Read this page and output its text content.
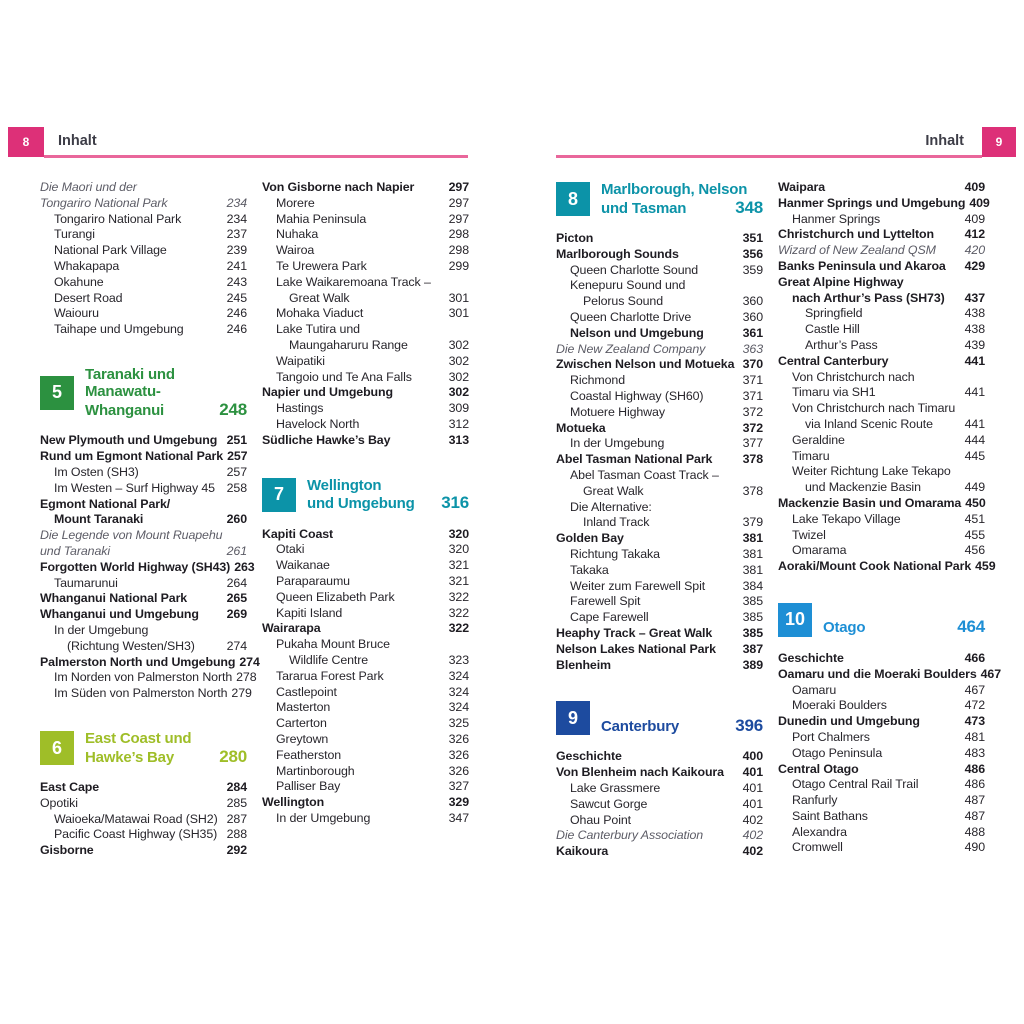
8	Inhalt	Inhalt	9
Die Maori und der
Tongariro National Park	234
Tongariro National Park	234
Turangi	237
National Park Village	239
Whakapapa	241
Okahune	243
Desert Road	245
Waiouru	246
Taihape und Umgebung	246
5
Taranaki und
Manawatu-
Whanganui	248
New Plymouth und Umgebung 251
Rund um Egmont National Park 257
Im Osten (SH3)	257
Im Westen – Surf Highway 45 258
Egmont National Park/
Mount Taranaki	260
Die Legende von Mount Ruapehu
und Taranaki	261
Forgotten World Highway (SH43) 263
Taumarunui	264
Whanganui National Park	265
Whanganui und Umgebung	269
In der Umgebung
(Richtung Westen/SH3)	274
Palmerston North und Umgebung 274
Im Norden von Palmerston North 278
Im Süden von Palmerston North 279
6	East Coast und
Hawke’s Bay	280
East Cape	284
Opotiki	285
Waioeka/Matawai Road (SH2) 287
Pacific Coast Highway (SH35) 288
Gisborne	292
Von Gisborne nach Napier	297
Morere	297
Mahia Peninsula	297
Nuhaka	298
Wairoa	298
Te Urewera Park	299
Lake Waikaremoana Track –
Great Walk	301
Mohaka Viaduct	301
Lake Tutira und
Maungaharuru Range	302
Waipatiki	302
Tangoio und Te Ana Falls	302
Napier und Umgebung	302
Hastings	309
Havelock North	312
Südliche Hawke’s Bay	313
7	Wellington
und Umgebung 316
Kapiti Coast	320
Otaki	320
Waikanae	321
Paraparaumu	321
Queen Elizabeth Park	322
Kapiti Island	322
Wairarapa	322
Pukaha Mount Bruce
Wildlife Centre	323
Tararua Forest Park	324
Castlepoint	324
Masterton	324
Carterton	325
Greytown	326
Featherston	326
Martinborough	326
Palliser Bay	327
Wellington	329
In der Umgebung	347
8	Marlborough, Nelson
und Tasman	348
Picton	351
Marlborough Sounds	356
Queen Charlotte Sound	359
Kenepuru Sound und
Pelorus Sound	360
Queen Charlotte Drive	360
Nelson und Umgebung	361
Die New Zealand Company	363
Zwischen Nelson und Motueka 370
Richmond	371
Coastal Highway (SH60)	371
Motuere Highway	372
Motueka	372
In der Umgebung	377
Abel Tasman National Park	378
Abel Tasman Coast Track –
Great Walk	378
Die Alternative:
Inland Track	379
Golden Bay	381
Richtung Takaka	381
Takaka	381
Weiter zum Farewell Spit	384
Farewell Spit	385
Cape Farewell	385
Heaphy Track – Great Walk	385
Nelson Lakes National Park	387
Blenheim	389
9	Canterbury	396
Geschichte	400
Von Blenheim nach Kaikoura	401
Lake Grassmere	401
Sawcut Gorge	401
Ohau Point	402
Die Canterbury Association	402
Kaikoura	402
Waipara	409
Hanmer Springs und Umgebung 409
Hanmer Springs	409
Christchurch und Lyttelton	412
Wizard of New Zealand QSM	420
Banks Peninsula und Akaroa	429
Great Alpine Highway
nach Arthur’s Pass (SH73)	437
Springfield	438
Castle Hill	438
Arthur’s Pass	439
Central Canterbury	441
Von Christchurch nach
Timaru via SH1	441
Von Christchurch nach Timaru
via Inland Scenic Route	441
Geraldine	444
Timaru	445
Weiter Richtung Lake Tekapo
und Mackenzie Basin	449
Mackenzie Basin und Omarama 450
Lake Tekapo Village	451
Twizel	455
Omarama	456
Aoraki/Mount Cook National Park 459
10	Otago	464
Geschichte	466
Oamaru und die Moeraki Boulders 467
Oamaru	467
Moeraki Boulders	472
Dunedin und Umgebung	473
Port Chalmers	481
Otago Peninsula	483
Central Otago	486
Otago Central Rail Trail	486
Ranfurly	487
Saint Bathans	487
Alexandra	488
Cromwell	490
